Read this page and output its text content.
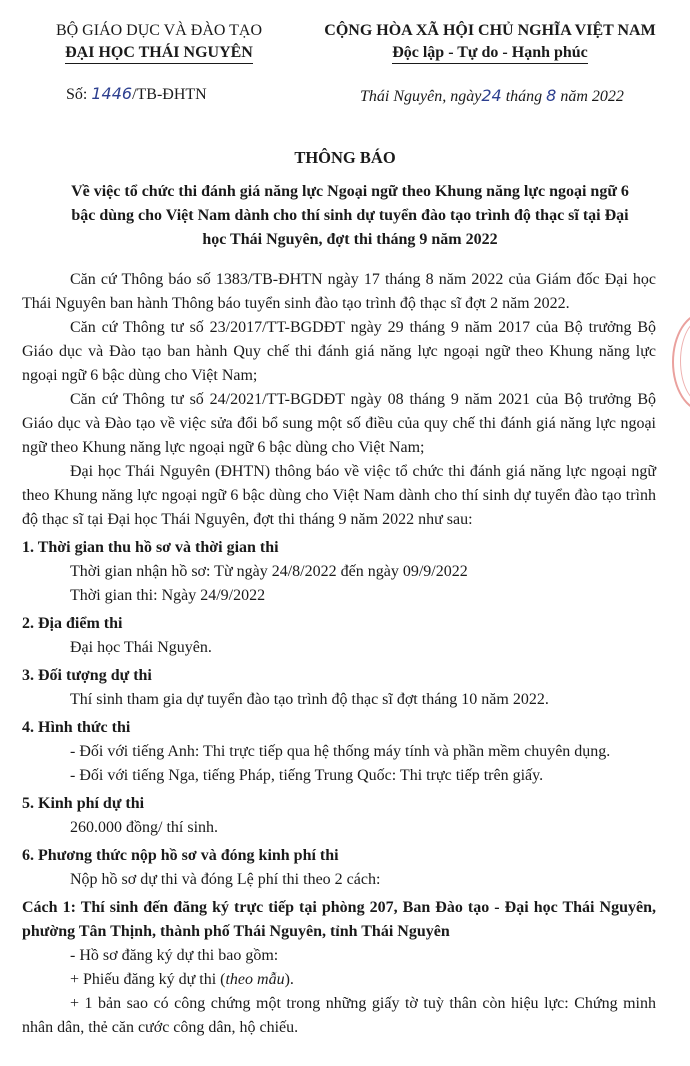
BỘ GIÁO DỤC VÀ ĐÀO TẠO
ĐẠI HỌC THÁI NGUYÊN
CỘNG HÒA XÃ HỘI CHỦ NGHĨA VIỆT NAM
Độc lập - Tự do - Hạnh phúc
Số: 1446/TB-ĐHTN	Thái Nguyên, ngày24 tháng 8 năm 2022
THÔNG BÁO
Về việc tổ chức thi đánh giá năng lực Ngoại ngữ theo Khung năng lực ngoại ngữ 6 bậc dùng cho Việt Nam dành cho thí sinh dự tuyển đào tạo trình độ thạc sĩ tại Đại học Thái Nguyên, đợt thi tháng 9 năm 2022

Căn cứ Thông báo số 1383/TB-ĐHTN ngày 17 tháng 8 năm 2022 của Giám đốc Đại học Thái Nguyên ban hành Thông báo tuyển sinh đào tạo trình độ thạc sĩ đợt 2 năm 2022.

Căn cứ Thông tư số 23/2017/TT-BGDĐT ngày 29 tháng 9 năm 2017 của Bộ trưởng Bộ Giáo dục và Đào tạo ban hành Quy chế thi đánh giá năng lực ngoại ngữ theo Khung năng lực ngoại ngữ 6 bậc dùng cho Việt Nam;

Căn cứ Thông tư số 24/2021/TT-BGDĐT ngày 08 tháng 9 năm 2021 của Bộ trưởng Bộ Giáo dục và Đào tạo về việc sửa đổi bổ sung một số điều của quy chế thi đánh giá năng lực ngoại ngữ theo Khung năng lực ngoại ngữ 6 bậc dùng cho Việt Nam;

Đại học Thái Nguyên (ĐHTN) thông báo về việc tổ chức thi đánh giá năng lực ngoại ngữ theo Khung năng lực ngoại ngữ 6 bậc dùng cho Việt Nam dành cho thí sinh dự tuyển đào tạo trình độ thạc sĩ tại Đại học Thái Nguyên, đợt thi tháng 9 năm 2022 như sau:

1. Thời gian thu hồ sơ và thời gian thi
Thời gian nhận hồ sơ: Từ ngày 24/8/2022 đến ngày 09/9/2022
Thời gian thi: Ngày 24/9/2022
2. Địa điểm thi
Đại học Thái Nguyên.
3. Đối tượng dự thi
Thí sinh tham gia dự tuyển đào tạo trình độ thạc sĩ đợt tháng 10 năm 2022.
4. Hình thức thi
- Đối với tiếng Anh: Thi trực tiếp qua hệ thống máy tính và phần mềm chuyên dụng.
- Đối với tiếng Nga, tiếng Pháp, tiếng Trung Quốc: Thi trực tiếp trên giấy.
5. Kinh phí dự thi
260.000 đồng/ thí sinh.
6. Phương thức nộp hồ sơ và đóng kinh phí thi
Nộp hồ sơ dự thi và đóng Lệ phí thi theo 2 cách:
Cách 1: Thí sinh đến đăng ký trực tiếp tại phòng 207, Ban Đào tạo - Đại học Thái Nguyên, phường Tân Thịnh, thành phố Thái Nguyên, tỉnh Thái Nguyên
- Hồ sơ đăng ký dự thi bao gồm:
+ Phiếu đăng ký dự thi (theo mẫu).

+ 1 bản sao có công chứng một trong những giấy tờ tuỳ thân còn hiệu lực: Chứng minh nhân dân, thẻ căn cước công dân, hộ chiếu.
